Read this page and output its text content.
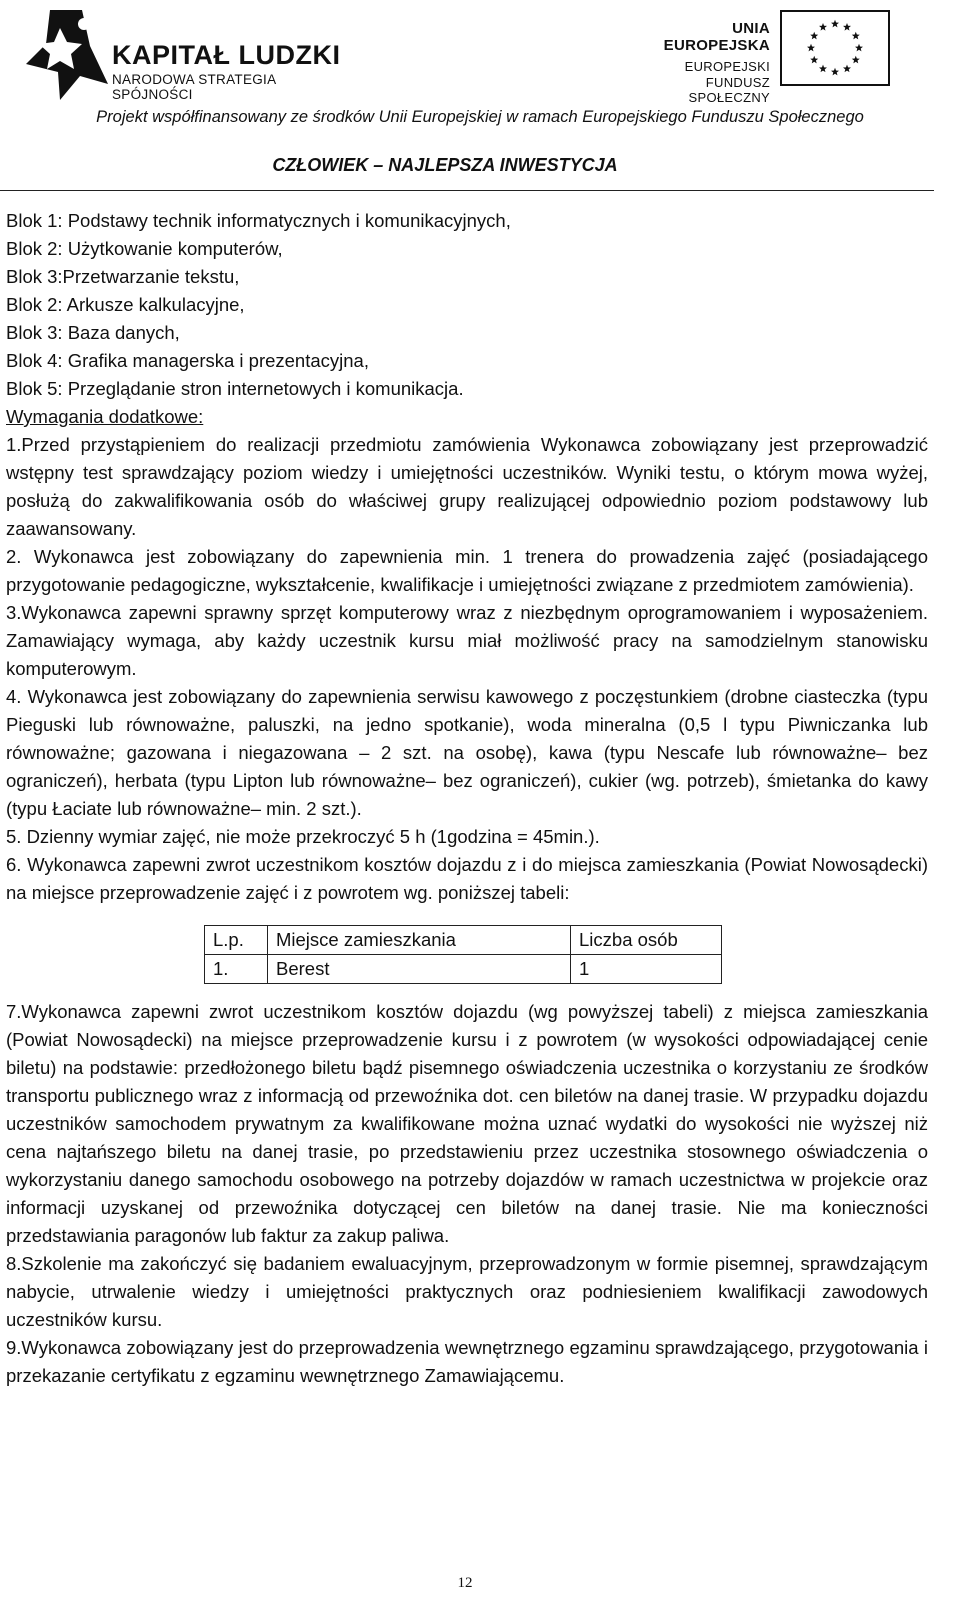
KAPITAŁ LUDZKI
NARODOWA STRATEGIA SPÓJNOŚCI
UNIA EUROPEJSKA
EUROPEJSKI
FUNDUSZ SPOŁECZNY
Projekt współfinansowany ze środków Unii Europejskiej w ramach Europejskiego Funduszu Społecznego
CZŁOWIEK – NAJLEPSZA INWESTYCJA

Blok 1: Podstawy technik informatycznych i komunikacyjnych,

Blok 2: Użytkowanie komputerów,

Blok 3:Przetwarzanie tekstu,

Blok 2: Arkusze kalkulacyjne,

Blok 3: Baza danych,

Blok 4: Grafika managerska i prezentacyjna,

Blok 5: Przeglądanie stron internetowych i komunikacja.

Wymagania dodatkowe:

1.Przed przystąpieniem do realizacji przedmiotu zamówienia Wykonawca zobowiązany jest przeprowadzić wstępny test sprawdzający poziom wiedzy i umiejętności uczestników. Wyniki testu, o którym mowa wyżej, posłużą do zakwalifikowania osób do właściwej grupy realizującej odpowiednio poziom podstawowy lub zaawansowany.

2. Wykonawca jest zobowiązany do zapewnienia min. 1 trenera do prowadzenia zajęć (posiadającego przygotowanie pedagogiczne, wykształcenie, kwalifikacje i umiejętności związane z przedmiotem zamówienia).

3.Wykonawca zapewni sprawny sprzęt komputerowy wraz z niezbędnym oprogramowaniem i wyposażeniem. Zamawiający wymaga, aby każdy uczestnik kursu miał możliwość pracy na samodzielnym stanowisku komputerowym.

4. Wykonawca jest zobowiązany do zapewnienia serwisu kawowego z poczęstunkiem (drobne ciasteczka (typu Pieguski lub równoważne, paluszki, na jedno spotkanie), woda mineralna (0,5 l typu Piwniczanka lub równoważne; gazowana i niegazowana – 2 szt. na osobę), kawa (typu Nescafe lub równoważne– bez ograniczeń), herbata (typu Lipton lub równoważne– bez ograniczeń), cukier (wg. potrzeb), śmietanka do kawy (typu Łaciate lub równoważne– min. 2 szt.).

5. Dzienny wymiar zajęć, nie może przekroczyć 5 h (1godzina = 45min.).

6. Wykonawca zapewni zwrot uczestnikom kosztów dojazdu z i do miejsca zamieszkania (Powiat Nowosądecki) na miejsce przeprowadzenie zajęć i z powrotem wg. poniższej tabeli:

L.p.	Miejsce zamieszkania	Liczba osób
1.	Berest	1

7.Wykonawca zapewni zwrot uczestnikom kosztów dojazdu (wg powyższej tabeli) z miejsca zamieszkania (Powiat Nowosądecki) na miejsce przeprowadzenie kursu i z powrotem (w wysokości odpowiadającej cenie biletu) na podstawie: przedłożonego biletu bądź pisemnego oświadczenia uczestnika o korzystaniu ze środków transportu publicznego wraz z informacją od przewoźnika dot. cen biletów na danej trasie. W przypadku dojazdu uczestników samochodem prywatnym za kwalifikowane można uznać wydatki do wysokości nie wyższej niż cena najtańszego biletu na danej trasie, po przedstawieniu przez uczestnika stosownego oświadczenia o wykorzystaniu danego samochodu osobowego na potrzeby dojazdów w ramach uczestnictwa w projekcie oraz informacji uzyskanej od przewoźnika dotyczącej cen biletów na danej trasie. Nie ma konieczności przedstawiania paragonów lub faktur za zakup paliwa.

8.Szkolenie ma zakończyć się badaniem ewaluacyjnym, przeprowadzonym w formie pisemnej, sprawdzającym nabycie, utrwalenie wiedzy i umiejętności praktycznych oraz podniesieniem kwalifikacji zawodowych uczestników kursu.

9.Wykonawca zobowiązany jest do przeprowadzenia wewnętrznego egzaminu sprawdzającego, przygotowania i przekazanie certyfikatu z egzaminu wewnętrznego Zamawiającemu.

12
